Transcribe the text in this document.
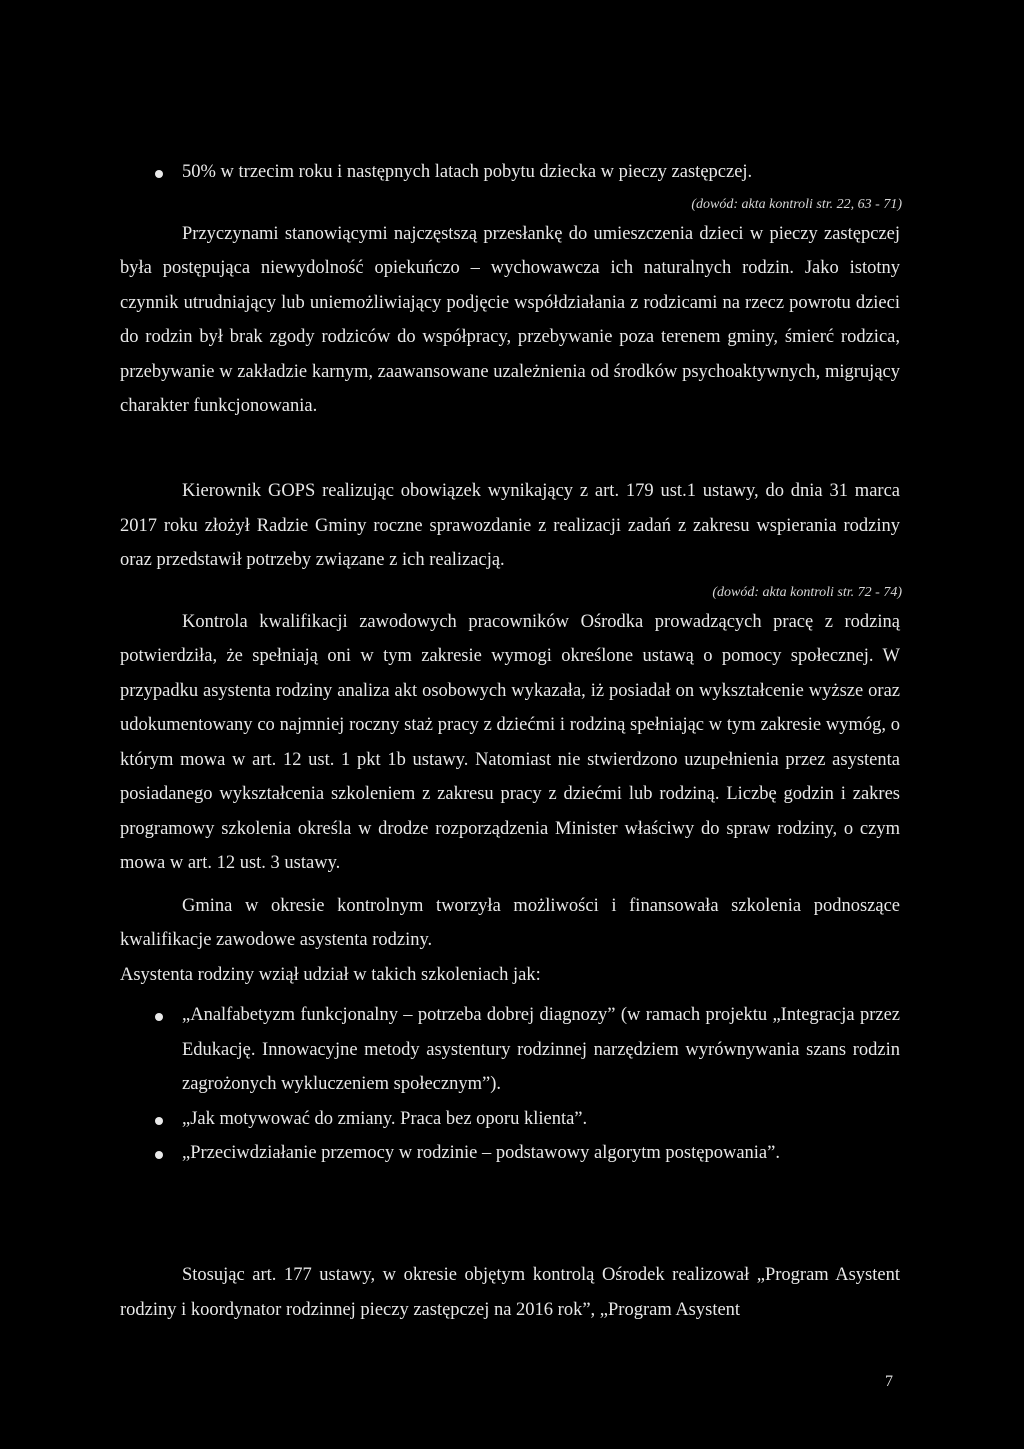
50% w trzecim roku i następnych latach pobytu dziecka w pieczy zastępczej.
(dowód: akta kontroli str. 22, 63 - 71)

Przyczynami stanowiącymi najczęstszą przesłankę do umieszczenia dzieci w pieczy zastępczej była postępująca niewydolność opiekuńczo – wychowawcza ich naturalnych rodzin. Jako istotny czynnik utrudniający lub uniemożliwiający podjęcie współdziałania z rodzicami na rzecz powrotu dzieci do rodzin był brak zgody rodziców do współpracy, przebywanie poza terenem gminy, śmierć rodzica, przebywanie w zakładzie karnym, zaawansowane uzależnienia od środków psychoaktywnych, migrujący charakter funkcjonowania.

Kierownik GOPS realizując obowiązek wynikający z art. 179 ust.1 ustawy, do dnia 31 marca 2017 roku złożył Radzie Gminy roczne sprawozdanie z realizacji zadań z zakresu wspierania rodziny oraz przedstawił potrzeby związane z ich realizacją.

(dowód: akta kontroli str. 72 - 74)

Kontrola kwalifikacji zawodowych pracowników Ośrodka prowadzących pracę z rodziną potwierdziła, że spełniają oni w tym zakresie wymogi określone ustawą o pomocy społecznej. W przypadku asystenta rodziny analiza akt osobowych wykazała, iż posiadał on wykształcenie wyższe oraz udokumentowany co najmniej roczny staż pracy z dziećmi i rodziną spełniając w tym zakresie wymóg, o którym mowa w art. 12 ust. 1 pkt 1b ustawy. Natomiast nie stwierdzono uzupełnienia przez asystenta posiadanego wykształcenia szkoleniem z zakresu pracy z dziećmi lub rodziną. Liczbę godzin i zakres programowy szkolenia określa w drodze rozporządzenia Minister właściwy do spraw rodziny, o czym mowa w art. 12 ust. 3 ustawy.

Gmina w okresie kontrolnym tworzyła możliwości i finansowała szkolenia podnoszące kwalifikacje zawodowe asystenta rodziny.

Asystenta rodziny wziął udział w takich szkoleniach jak:

„Analfabetyzm funkcjonalny – potrzeba dobrej diagnozy” (w ramach projektu „Integracja przez Edukację. Innowacyjne metody asystentury rodzinnej narzędziem wyrównywania szans rodzin zagrożonych wykluczeniem społecznym”).
„Jak motywować do zmiany. Praca bez oporu klienta”.
„Przeciwdziałanie przemocy w rodzinie – podstawowy algorytm postępowania”.

Stosując art. 177 ustawy, w okresie objętym kontrolą Ośrodek realizował „Program Asystent rodziny i koordynator rodzinnej pieczy zastępczej na 2016 rok”, „Program Asystent

7
